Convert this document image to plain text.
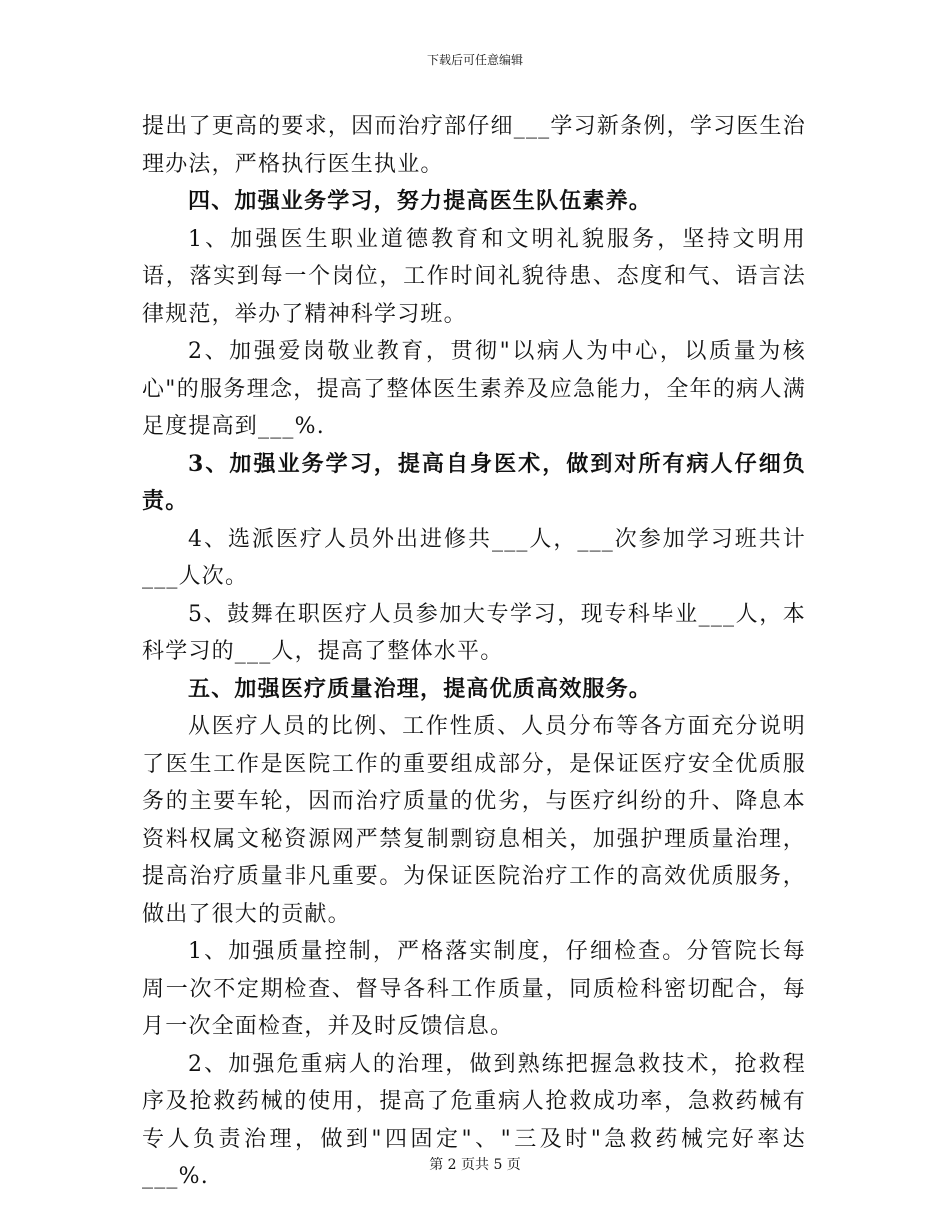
下载后可任意编辑

提出了更高的要求，因而治疗部仔细___学习新条例，学习医生治理办法，严格执行医生执业。

四、加强业务学习，努力提高医生队伍素养。

1、加强医生职业道德教育和文明礼貌服务，坚持文明用语，落实到每一个岗位，工作时间礼貌待患、态度和气、语言法律规范，举办了精神科学习班。

2、加强爱岗敬业教育，贯彻"以病人为中心，以质量为核心"的服务理念，提高了整体医生素养及应急能力，全年的病人满足度提高到___%.

3、加强业务学习，提高自身医术，做到对所有病人仔细负责。

4、选派医疗人员外出进修共___人，___次参加学习班共计___人次。

5、鼓舞在职医疗人员参加大专学习，现专科毕业___人，本科学习的___人，提高了整体水平。

五、加强医疗质量治理，提高优质高效服务。

从医疗人员的比例、工作性质、人员分布等各方面充分说明了医生工作是医院工作的重要组成部分，是保证医疗安全优质服务的主要车轮，因而治疗质量的优劣，与医疗纠纷的升、降息本资料权属文秘资源网严禁复制剽窃息相关，加强护理质量治理，提高治疗质量非凡重要。为保证医院治疗工作的高效优质服务，做出了很大的贡献。

1、加强质量控制，严格落实制度，仔细检查。分管院长每周一次不定期检查、督导各科工作质量，同质检科密切配合，每月一次全面检查，并及时反馈信息。

2、加强危重病人的治理，做到熟练把握急救技术，抢救程序及抢救药械的使用，提高了危重病人抢救成功率，急救药械有专人负责治理，做到"四固定"、"三及时"急救药械完好率达___%.	第 2 页共 5 页
